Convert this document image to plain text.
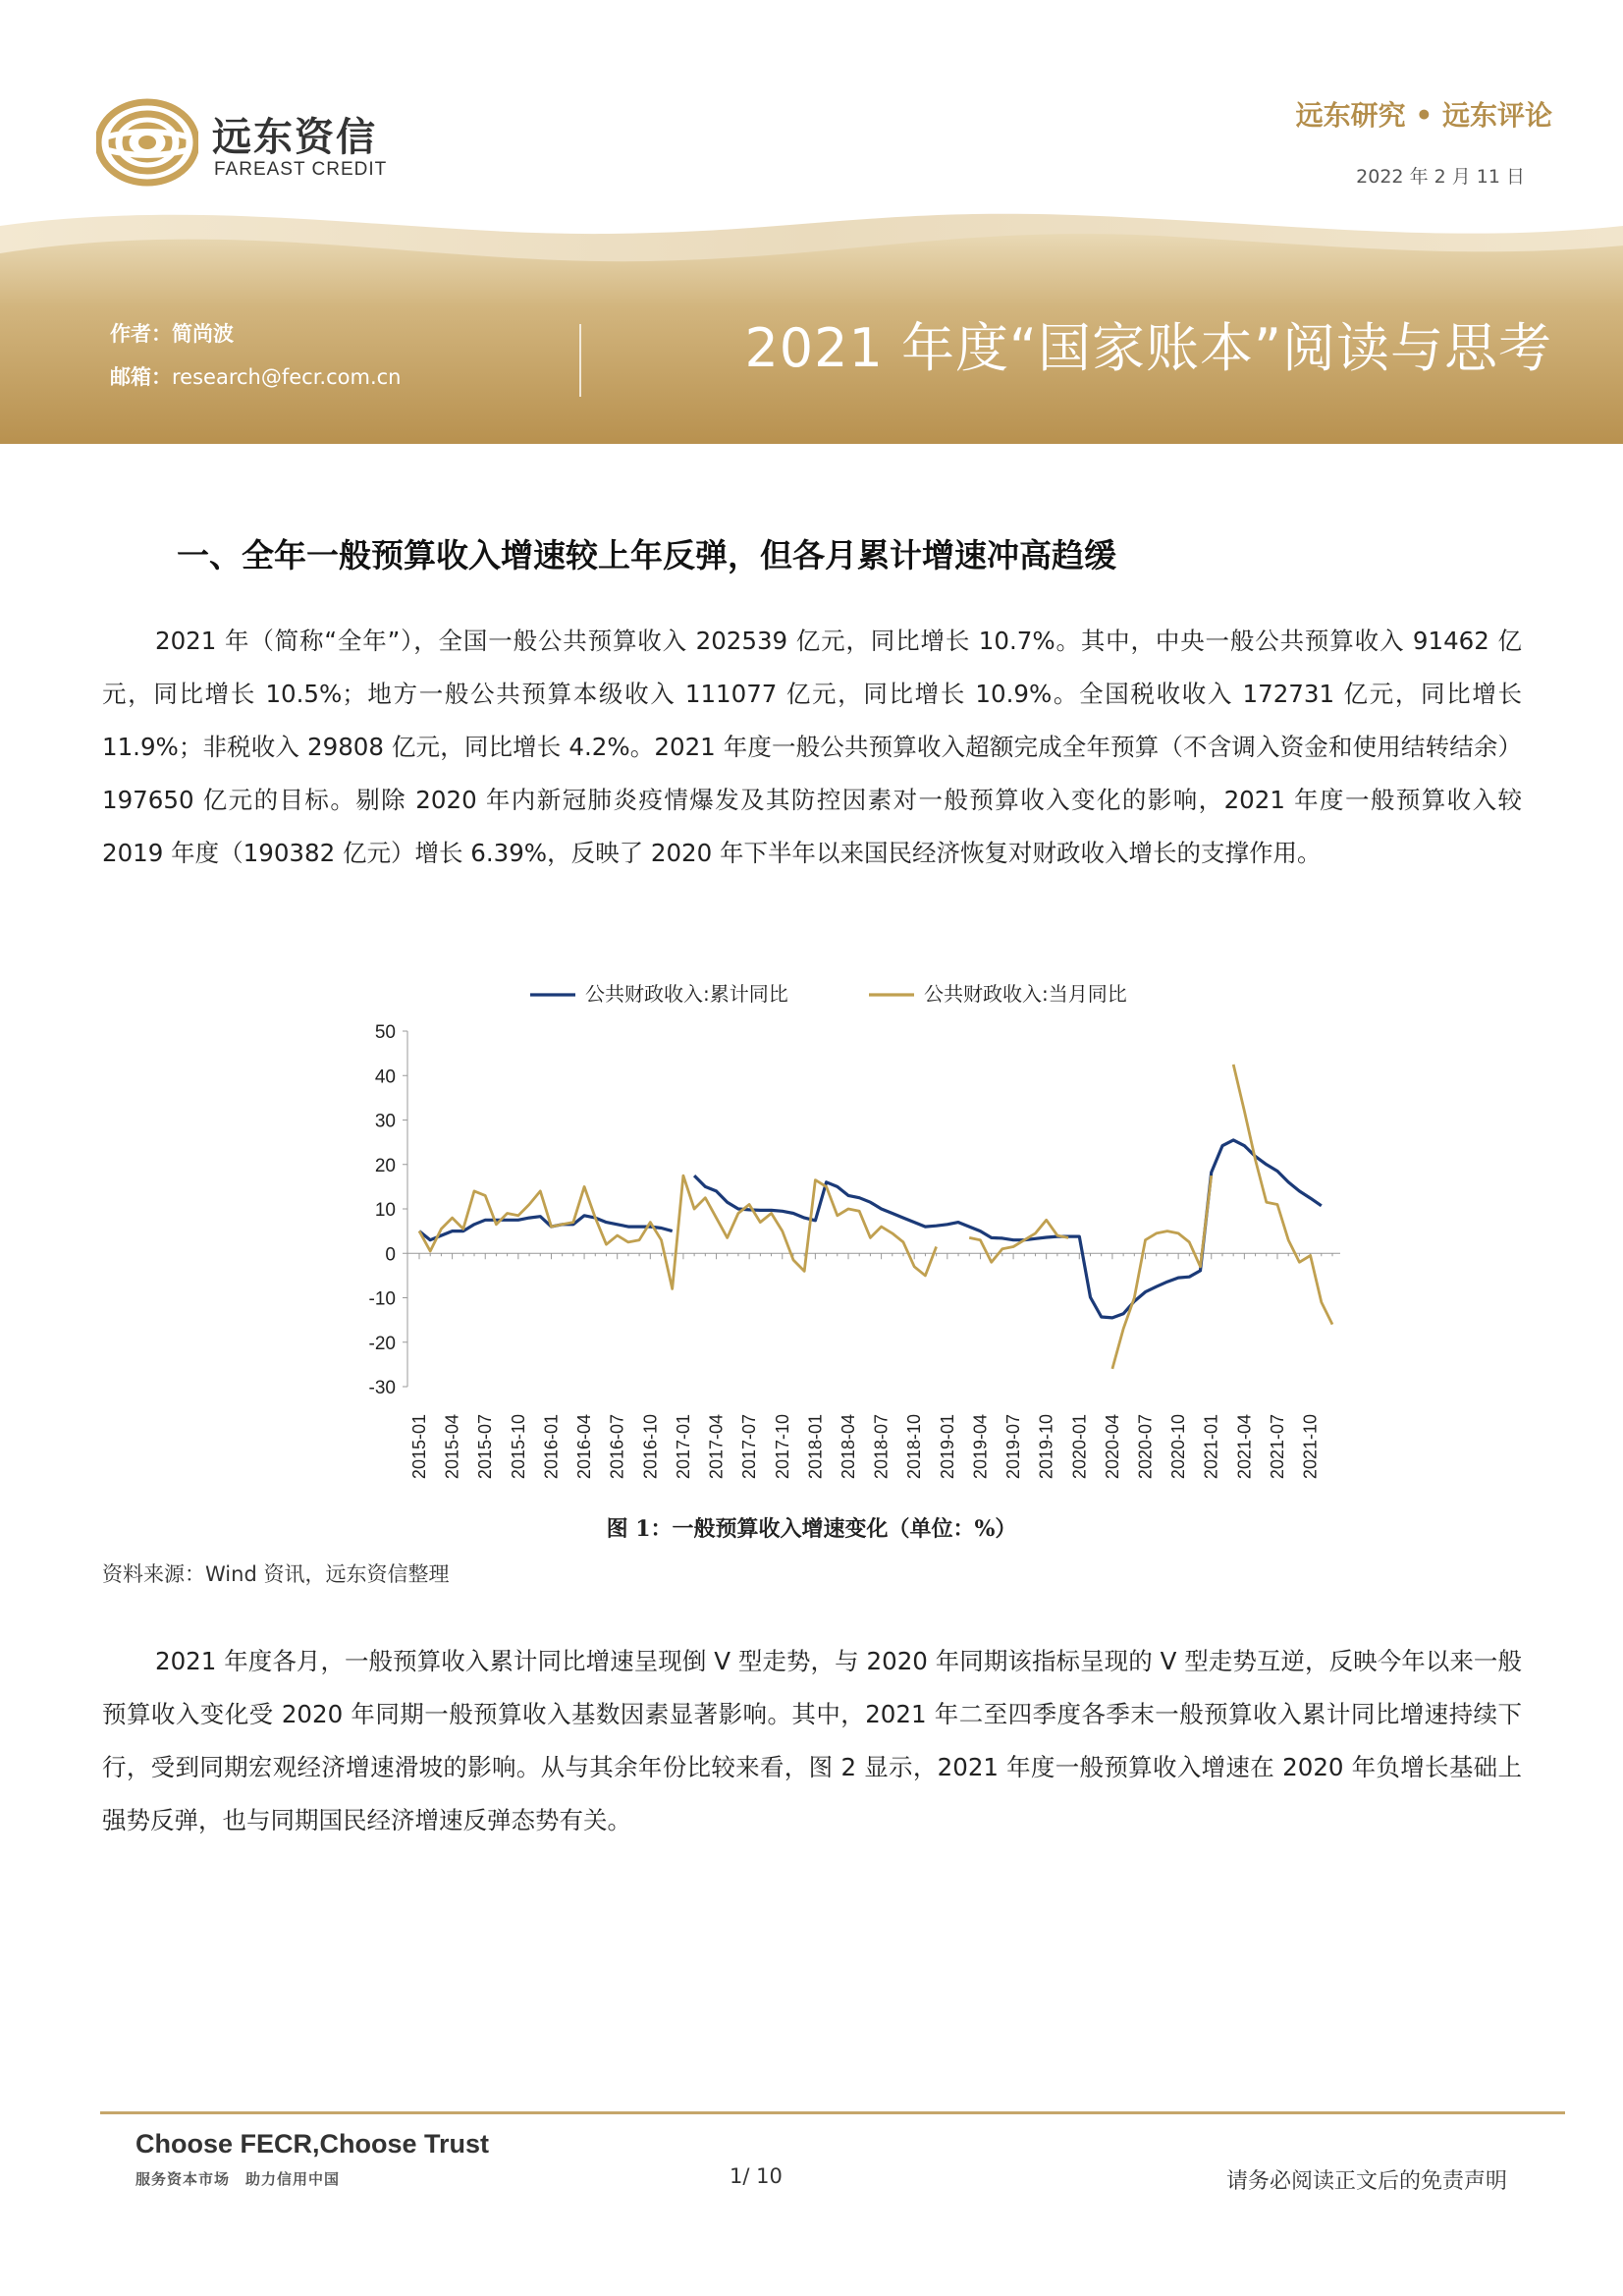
远东资信
FAREAST CREDIT
远东研究 • 远东评论
2022 年 2 月 11 日
作者：简尚波
邮箱：research@fecr.com.cn	2021 年度“国家账本”阅读与思考
一、全年一般预算收入增速较上年反弹，但各月累计增速冲高趋缓

2021 年（简称“全年”），全国一般公共预算收入 202539 亿元，同比增长 10.7%。其中，中央一般公共预算收入 91462 亿元，同比增长 10.5%；地方一般公共预算本级收入 111077 亿元，同比增长 10.9%。全国税收收入 172731 亿元，同比增长 11.9%；非税收入 29808 亿元，同比增长 4.2%。2021 年度一般公共预算收入超额完成全年预算（不含调入资金和使用结转结余）197650 亿元的目标。剔除 2020 年内新冠肺炎疫情爆发及其防控因素对一般预算收入变化的影响，2021 年度一般预算收入较 2019 年度（190382 亿元）增长 6.39%，反映了 2020 年下半年以来国民经济恢复对财政收入增长的支撑作用。

50
40
30
20
10
0
-10
-20
-30
2015-01 2015-04 2015-07 2015-10 2016-01 2016-04 2016-07 2016-10 2017-01 2017-04 2017-07 2017-10 2018-01 2018-04 2018-07 2018-10 2019-01 2019-04 2019-07 2019-10 2020-01 2020-04 2020-07 2020-10 2021-01 2021-04 2021-07 2021-10
公共财政收入:累计同比	公共财政收入:当月同比
图 1：一般预算收入增速变化（单位：%）
资料来源：Wind 资讯，远东资信整理

2021 年度各月，一般预算收入累计同比增速呈现倒 V 型走势，与 2020 年同期该指标呈现的 V 型走势互逆，反映今年以来一般预算收入变化受 2020 年同期一般预算收入基数因素显著影响。其中，2021 年二至四季度各季末一般预算收入累计同比增速持续下行，受到同期宏观经济增速滑坡的影响。从与其余年份比较来看，图 2 显示，2021 年度一般预算收入增速在 2020 年负增长基础上强势反弹，也与同期国民经济增速反弹态势有关。

Choose FECR,Choose Trust
服务资本市场　助力信用中国	1/ 10	请务必阅读正文后的免责声明
